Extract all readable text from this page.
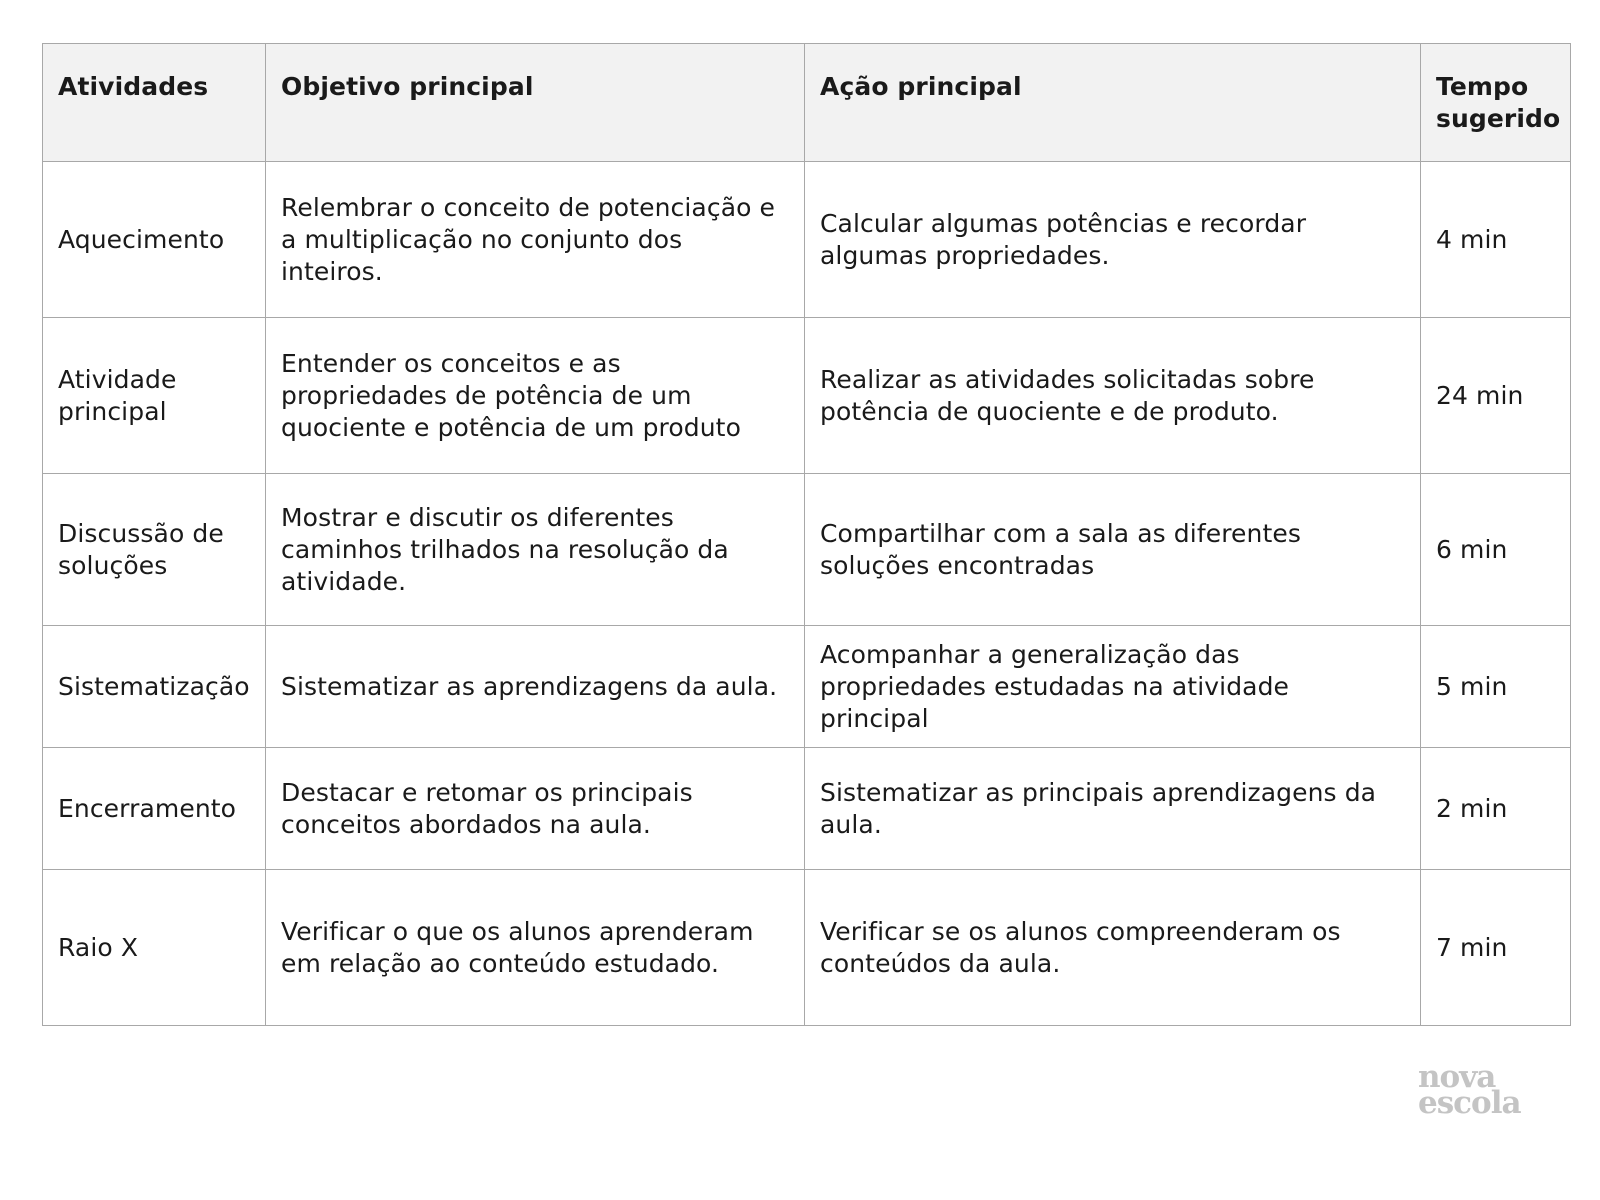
Atividades	Objetivo principal	Ação principal	Tempo sugerido
Aquecimento	Relembrar o conceito de potenciação e a multiplicação no conjunto dos inteiros.	Calcular algumas potências e recordar algumas propriedades.	4 min
Atividade principal	Entender os conceitos e as propriedades de potência de um quociente e potência de um produto	Realizar as atividades solicitadas sobre potência de quociente e de produto.	24 min
Discussão de soluções	Mostrar e discutir os diferentes caminhos trilhados na resolução da atividade.	Compartilhar com a sala as diferentes soluções encontradas	6 min
Sistematização	Sistematizar as aprendizagens da aula.	Acompanhar a generalização das propriedades estudadas na atividade principal	5 min
Encerramento	Destacar e retomar os principais conceitos abordados na aula.	Sistematizar as principais aprendizagens da aula.	2 min
Raio X	Verificar o que os alunos aprenderam em relação ao conteúdo estudado.	Verificar se os alunos compreenderam os conteúdos da aula.	7 min
nova
escola
